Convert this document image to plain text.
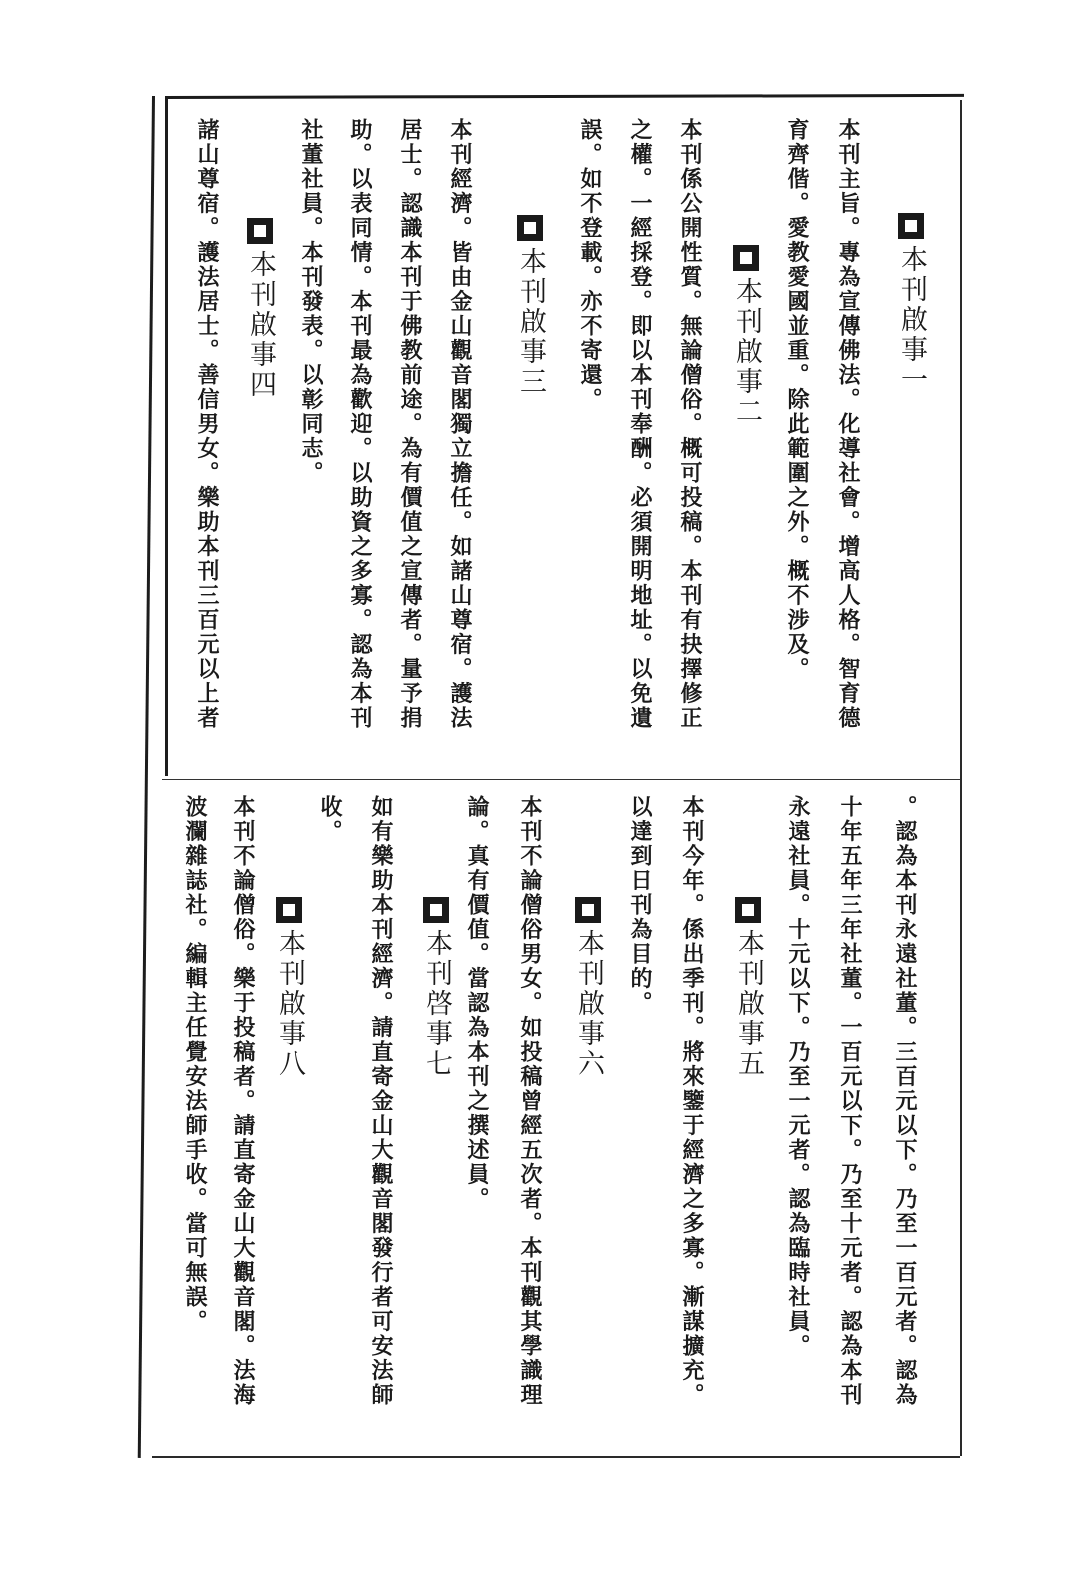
本刊啟事一
本刊主旨。專為宣傳佛法。化導社會。增高人格。智育德
育齊偕。愛教愛國並重。除此範圍之外。概不涉及。
本刊啟事二
本刊係公開性質。無論僧俗。概可投稿。本刊有抉擇修正
之權。一經採登。即以本刊奉酬。必須開明地址。以免遺
誤。如不登載。亦不寄還。
本刊啟事三
本刊經濟。皆由金山觀音閣獨立擔任。如諸山尊宿。護法
居士。認識本刊于佛教前途。為有價值之宣傳者。量予捐
助。以表同情。本刊最為歡迎。以助資之多寡。認為本刊
社董社員。本刊發表。以彰同志。
本刊啟事四
諸山尊宿。護法居士。善信男女。樂助本刊三百元以上者
。認為本刊永遠社董。三百元以下。乃至一百元者。認為
十年五年三年社董。一百元以下。乃至十元者。認為本刊
永遠社員。十元以下。乃至一元者。認為臨時社員。
本刊啟事五
本刊今年。係出季刊。將來鑒于經濟之多寡。漸謀擴充。
以達到日刊為目的。
本刊啟事六
本刊不論僧俗男女。如投稿曾經五次者。本刊觀其學識理
論。真有價值。當認為本刊之撰述員。
本刊啓事七
如有樂助本刊經濟。請直寄金山大觀音閣發行者可安法師
收。
本刊啟事八
本刊不論僧俗。樂于投稿者。請直寄金山大觀音閣。法海
波瀾雜誌社。編輯主任覺安法師手收。當可無誤。
